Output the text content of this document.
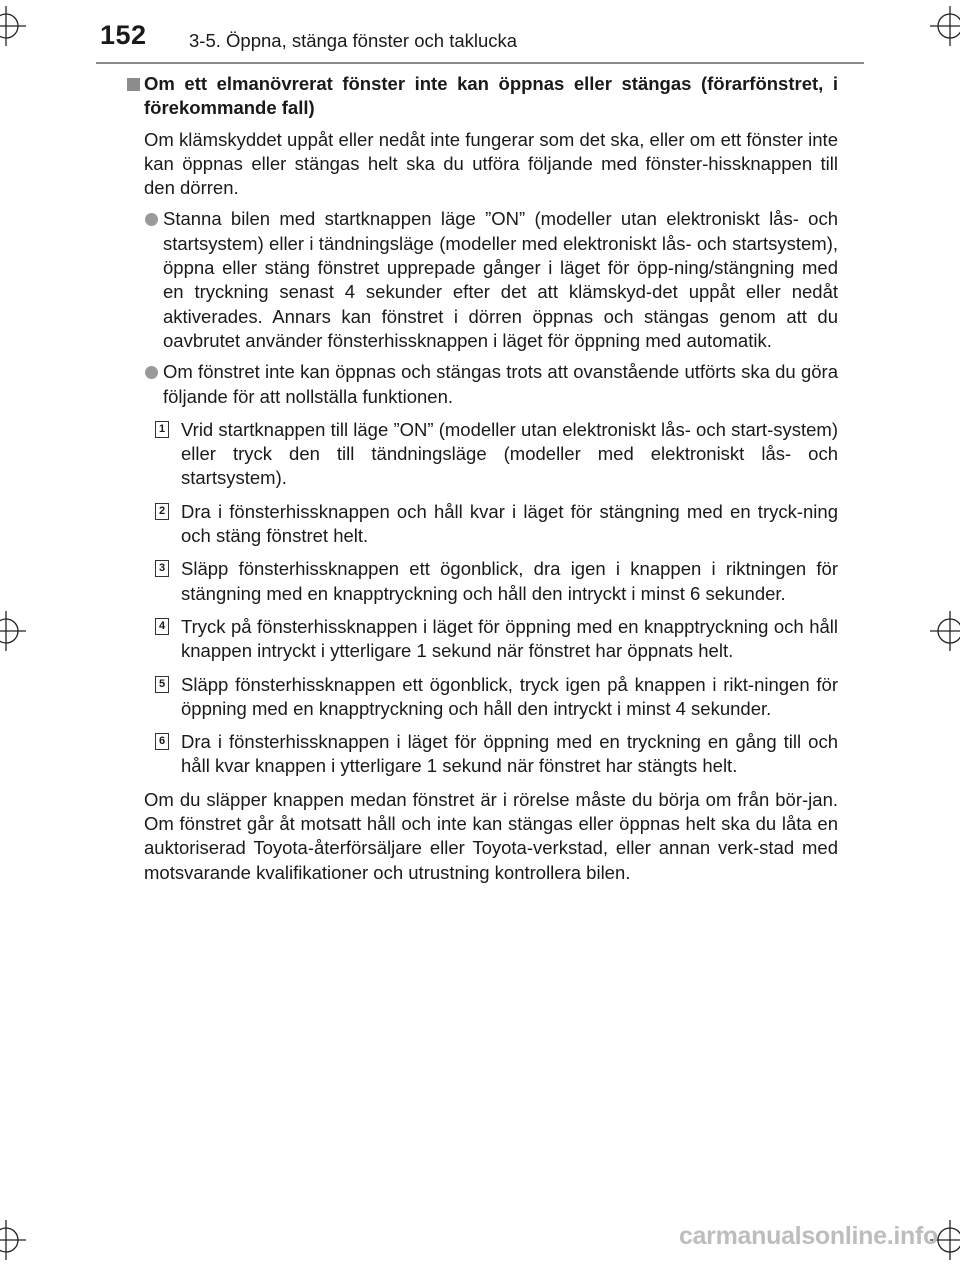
152 3-5. Öppna, stänga fönster och taklucka

Om ett elmanövrerat fönster inte kan öppnas eller stängas (förarfönstret, i förekommande fall)

Om klämskyddet uppåt eller nedåt inte fungerar som det ska, eller om ett fönster inte kan öppnas eller stängas helt ska du utföra följande med fönster-hissknappen till den dörren.

Stanna bilen med startknappen läge ”ON” (modeller utan elektroniskt lås- och startsystem) eller i tändningsläge (modeller med elektroniskt lås- och startsystem), öppna eller stäng fönstret upprepade gånger i läget för öpp-ning/stängning med en tryckning senast 4 sekunder efter det att klämskyd-det uppåt eller nedåt aktiverades. Annars kan fönstret i dörren öppnas och stängas genom att du oavbrutet använder fönsterhissknappen i läget för öppning med automatik.
Om fönstret inte kan öppnas och stängas trots att ovanstående utförts ska du göra följande för att nollställa funktionen.
1 Vrid startknappen till läge ”ON” (modeller utan elektroniskt lås- och start-system) eller tryck den till tändningsläge (modeller med elektroniskt lås- och startsystem).
2 Dra i fönsterhissknappen och håll kvar i läget för stängning med en tryck-ning och stäng fönstret helt.
3 Släpp fönsterhissknappen ett ögonblick, dra igen i knappen i riktningen för stängning med en knapptryckning och håll den intryckt i minst 6 sekunder.
4 Tryck på fönsterhissknappen i läget för öppning med en knapptryckning och håll knappen intryckt i ytterligare 1 sekund när fönstret har öppnats helt.
5 Släpp fönsterhissknappen ett ögonblick, tryck igen på knappen i rikt-ningen för öppning med en knapptryckning och håll den intryckt i minst 4 sekunder.
6 Dra i fönsterhissknappen i läget för öppning med en tryckning en gång till och håll kvar knappen i ytterligare 1 sekund när fönstret har stängts helt.

Om du släpper knappen medan fönstret är i rörelse måste du börja om från bör-jan. Om fönstret går åt motsatt håll och inte kan stängas eller öppnas helt ska du låta en auktoriserad Toyota-återförsäljare eller Toyota-verkstad, eller annan verk-stad med motsvarande kvalifikationer och utrustning kontrollera bilen.

carmanualsonline.info
